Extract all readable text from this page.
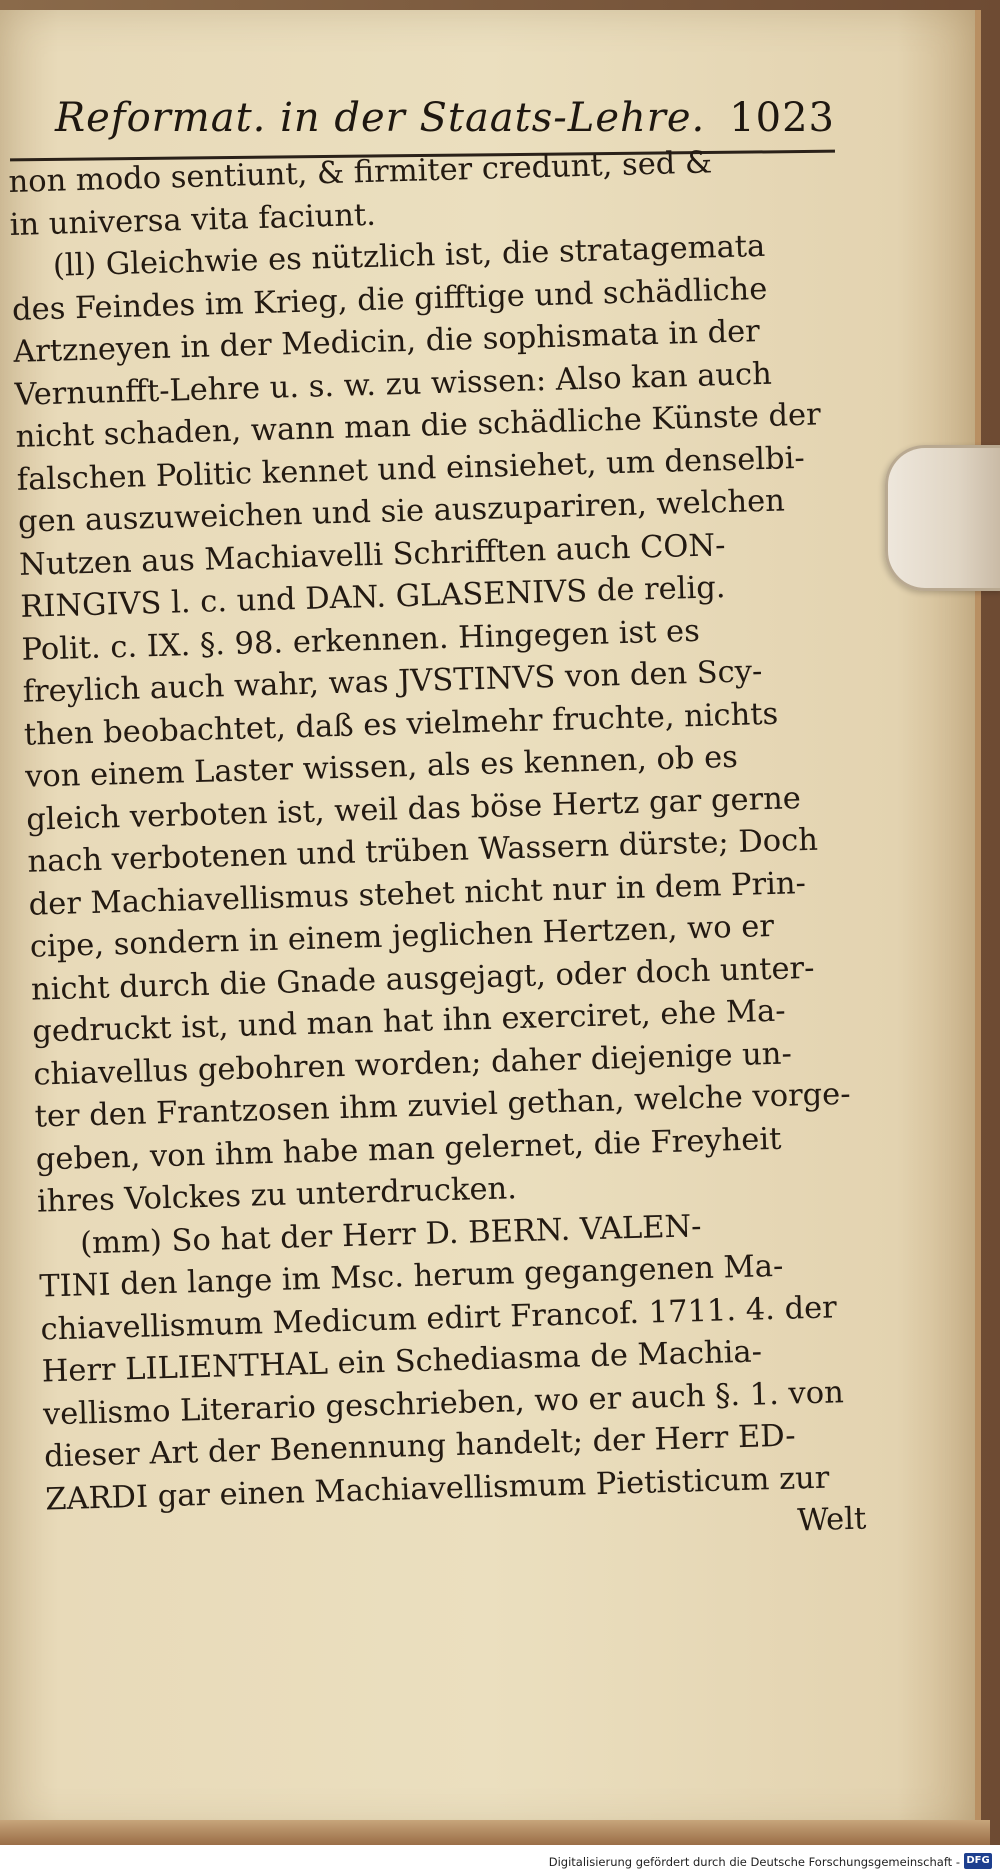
Reformat. in der Staats-Lehre. 1023
non modo sentiunt, & firmiter credunt, sed &
in universa vita faciunt.
(ll) Gleichwie es nützlich ist, die stratagemata
des Feindes im Krieg, die gifftige und schädliche
Artzneyen in der Medicin, die sophismata in der
Vernunfft-Lehre u. s. w. zu wissen: Also kan auch
nicht schaden, wann man die schädliche Künste der
falschen Politic kennet und einsiehet, um denselbi-
gen auszuweichen und sie auszupariren, welchen
Nutzen aus Machiavelli Schrifften auch CON-
RINGIVS l. c. und DAN. GLASENIVS de relig.
Polit. c. IX. §. 98. erkennen. Hingegen ist es
freylich auch wahr, was JVSTINVS von den Scy-
then beobachtet, daß es vielmehr fruchte, nichts
von einem Laster wissen, als es kennen, ob es
gleich verboten ist, weil das böse Hertz gar gerne
nach verbotenen und trüben Wassern dürste; Doch
der Machiavellismus stehet nicht nur in dem Prin-
cipe, sondern in einem jeglichen Hertzen, wo er
nicht durch die Gnade ausgejagt, oder doch unter-
gedruckt ist, und man hat ihn exerciret, ehe Ma-
chiavellus gebohren worden; daher diejenige un-
ter den Frantzosen ihm zuviel gethan, welche vorge-
geben, von ihm habe man gelernet, die Freyheit
ihres Volckes zu unterdrucken.
(mm) So hat der Herr D. BERN. VALEN-
TINI den lange im Msc. herum gegangenen Ma-
chiavellismum Medicum edirt Francof. 1711. 4. der
Herr LILIENTHAL ein Schediasma de Machia-
vellismo Literario geschrieben, wo er auch §. 1. von
dieser Art der Benennung handelt; der Herr ED-
ZARDI gar einen Machiavellismum Pietisticum zur
Welt
Digitalisierung gefördert durch die Deutsche Forschungsgemeinschaft - DFG
